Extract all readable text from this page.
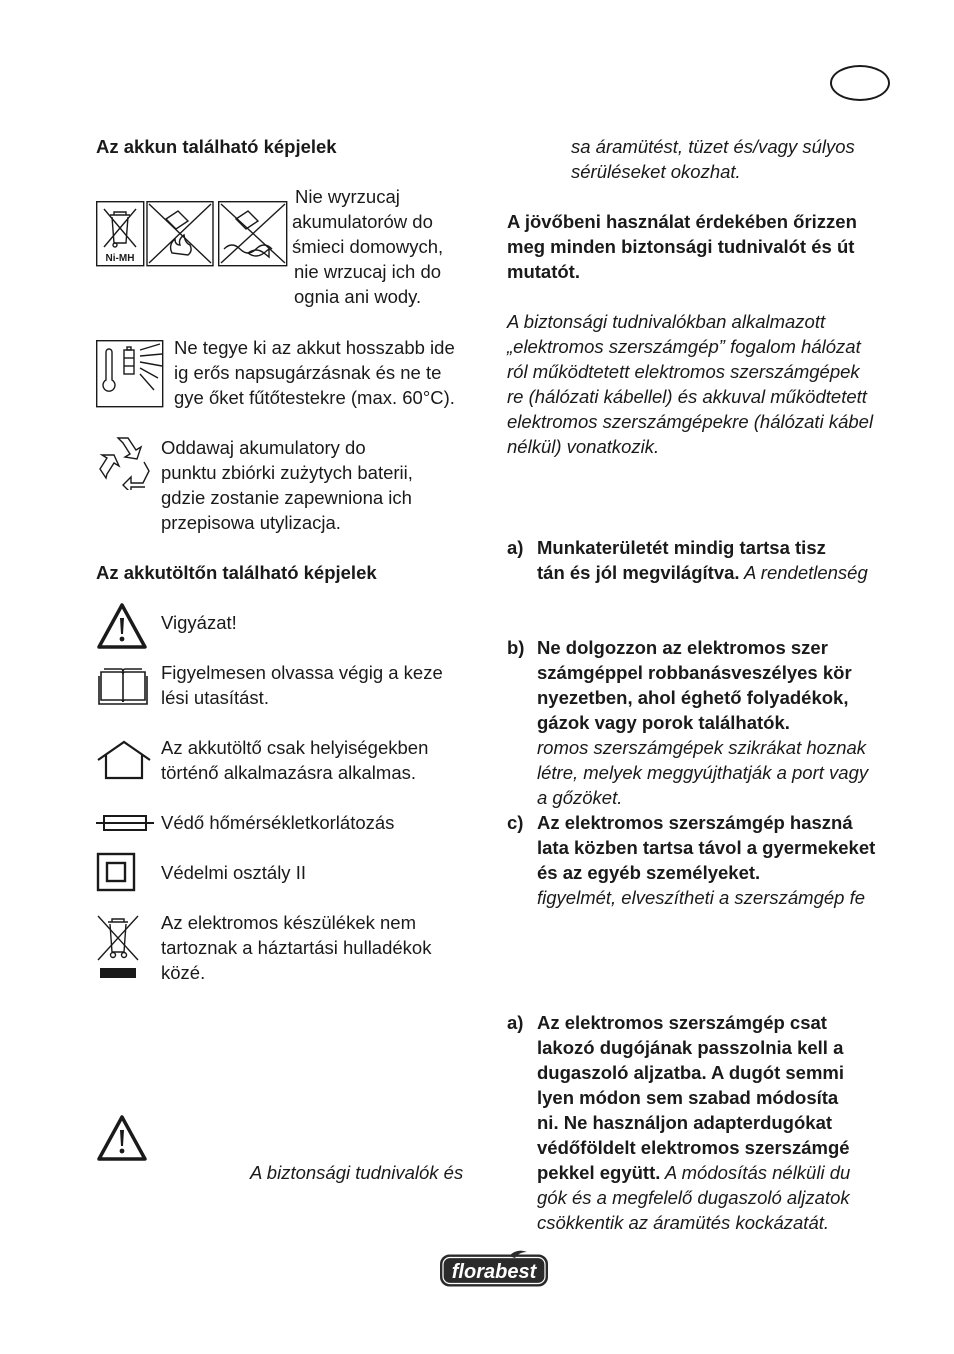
Az akkun található képjelek
Ni-MH
Nie wyrzucaj
akumulatorów do
śmieci domowych,
nie wrzucaj ich do
ognia ani wody.
Ne tegye ki az akkut hosszabb ide
ig erős napsugárzásnak és ne te
gye őket fűtőtestekre (max. 60°C).
Oddawaj akumulatory do
punktu zbiórki zużytych baterii,
gdzie zostanie zapewniona ich
przepisowa utylizacja.
Az akkutöltőn található képjelek
Vigyázat!
Figyelmesen olvassa végig a keze
lési utasítást.
Az akkutöltő csak helyiségekben
történő alkalmazásra alkalmas.
Védő hőmérsékletkorlátozás
Védelmi osztály II
Az elektromos készülékek nem
tartoznak a háztartási hulladékok
közé.
A biztonsági tudnivalók és
sa áramütést, tüzet és/vagy súlyos
sérüléseket okozhat.
A jövőbeni használat érdekében őrizzen
meg minden biztonsági tudnivalót és út
mutatót.
A biztonsági tudnivalókban alkalmazott
„elektromos szerszámgép” fogalom hálózat
ról működtetett elektromos szerszámgépek
re (hálózati kábellel) és akkuval működtetett
elektromos szerszámgépekre (hálózati kábel
nélkül) vonatkozik.
a) Munkaterületét mindig tartsa tisz
tán és jól megvilágítva. A rendetlenség
b) Ne dolgozzon az elektromos szer
számgéppel robbanásveszélyes kör
nyezetben, ahol éghető folyadékok,
gázok vagy porok találhatók.
romos szerszámgépek szikrákat hoznak
létre, melyek meggyújthatják a port vagy
a gőzöket.
c) Az elektromos szerszámgép haszná
lata közben tartsa távol a gyermekeket
és az egyéb személyeket.
figyelmét, elveszítheti a szerszámgép fe
a) Az elektromos szerszámgép csat
lakozó dugójának passzolnia kell a
dugaszoló aljzatba. A dugót semmi
lyen módon sem szabad módosíta
ni. Ne használjon adapterdugókat
védőföldelt elektromos szerszámgé
pekkel együtt. A módosítás nélküli du
gók és a megfelelő dugaszoló aljzatok
csökkentik az áramütés kockázatát.
florabest
